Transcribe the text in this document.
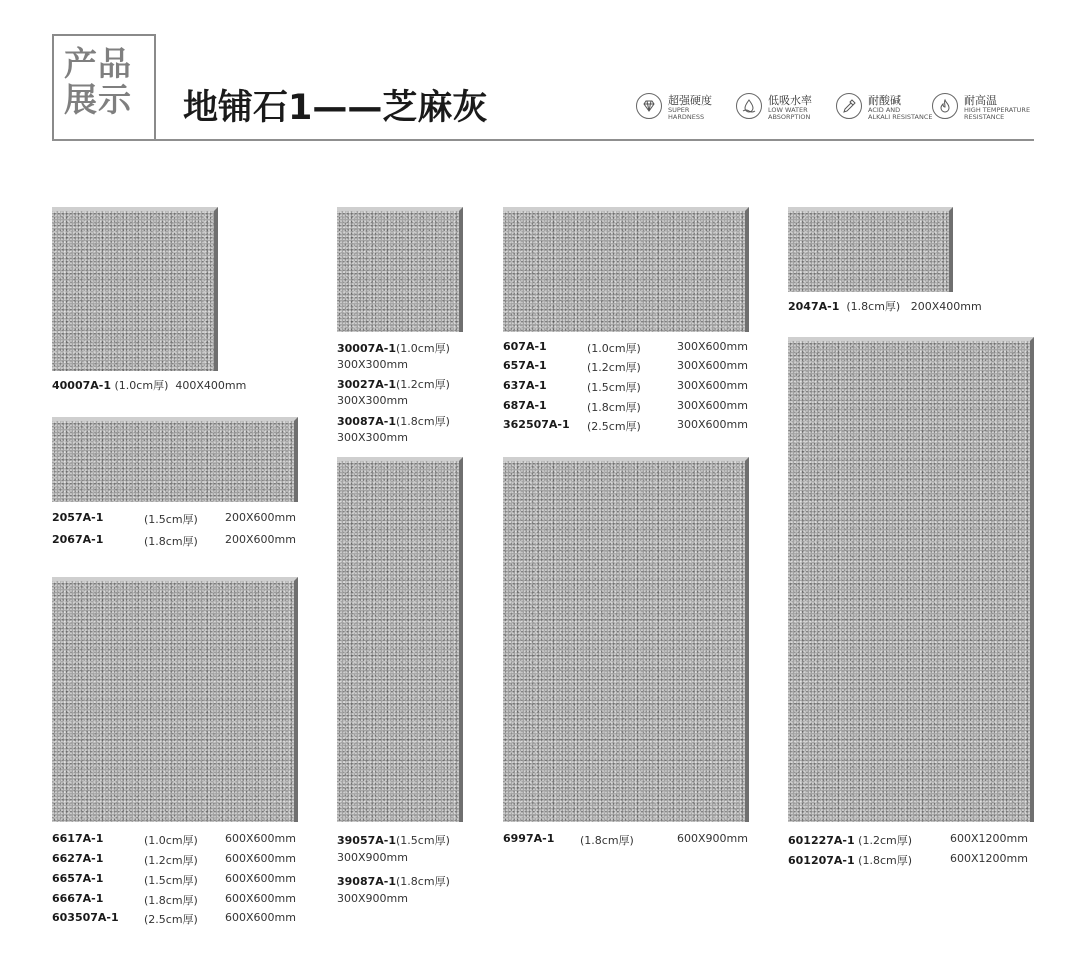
产品
展示	地铺石1——芝麻灰	超强硬度
SUPER
HARDNESS
低吸水率
LOW WATER
ABSORPTION
耐酸碱
ACID AND
ALKALI RESISTANCE
耐高温
HIGH TEMPERATURE
RESISTANCE
40007A-1 (1.0cm厚) 400X400mm
2057A-1	(1.5cm厚) 200X600mm
2067A-1	(1.8cm厚) 200X600mm
6617A-1	(1.0cm厚) 600X600mm
6627A-1	(1.2cm厚) 600X600mm
6657A-1	(1.5cm厚) 600X600mm
6667A-1	(1.8cm厚) 600X600mm
603507A-1 (2.5cm厚) 600X600mm
30007A-1(1.0cm厚)
300X300mm
30027A-1(1.2cm厚)
300X300mm
30087A-1(1.8cm厚)
300X300mm
39057A-1(1.5cm厚)
300X900mm
39087A-1(1.8cm厚)
300X900mm
607A-1	(1.0cm厚)	300X600mm
657A-1	(1.2cm厚)	300X600mm
637A-1	(1.5cm厚)	300X600mm
687A-1	(1.8cm厚)	300X600mm
362507A-1 (2.5cm厚)	300X600mm
6997A-1 (1.8cm厚)	600X900mm
2047A-1 (1.8cm厚) 200X400mm
601227A-1 (1.2cm厚)	600X1200mm
601207A-1 (1.8cm厚)	600X1200mm
